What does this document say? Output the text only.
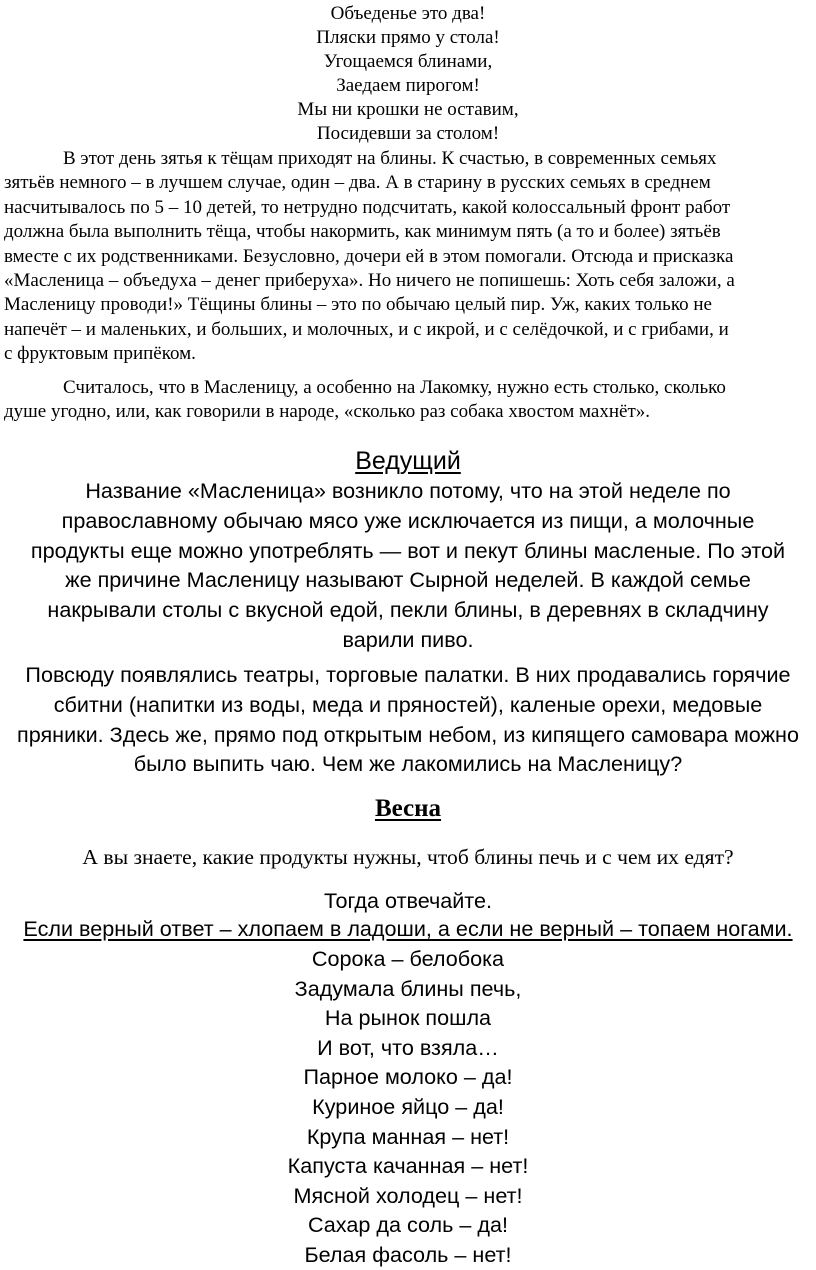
Объеденье это два!
Пляски прямо у стола!
Угощаемся блинами,
Заедаем пирогом!
Мы ни крошки не оставим,
Посидевши за столом!
В этот день зятья к тёщам приходят на блины. К счастью, в современных семьях
зятьёв немного – в лучшем случае, один – два. А в старину в русских семьях в среднем
насчитывалось по 5 – 10 детей, то нетрудно подсчитать, какой колоссальный фронт работ
должна была выполнить тёща, чтобы накормить, как минимум пять (а то и более) зятьёв
вместе с их родственниками. Безусловно, дочери ей в этом помогали. Отсюда и присказка
«Масленица – объедуха – денег приберуха». Но ничего не попишешь: Хоть себя заложи, а
Масленицу проводи!» Тёщины блины – это по обычаю целый пир. Уж, каких только не
напечёт – и маленьких, и больших, и молочных, и с икрой, и с селёдочкой, и с грибами, и
с фруктовым припёком.
Считалось, что в Масленицу, а особенно на Лакомку, нужно есть столько, сколько
душе угодно, или, как говорили в народе, «сколько раз собака хвостом махнёт».
Ведущий
Название «Масленица» возникло потому, что на этой неделе по
православному обычаю мясо уже исключается из пищи, а молочные
продукты еще можно употреблять — вот и пекут блины масленые. По этой
же причине Масленицу называют Сырной неделей. В каждой семье
накрывали столы с вкусной едой, пекли блины, в деревнях в складчину
варили пиво.
Повсюду появлялись театры, торговые палатки. В них продавались горячие
сбитни (напитки из воды, меда и пряностей), каленые орехи, медовые
пряники. Здесь же, прямо под открытым небом, из кипящего самовара можно
было выпить чаю. Чем же лакомились на Масленицу?
Весна
А вы знаете, какие продукты нужны, чтоб блины печь и с чем их едят?
Тогда отвечайте.
Если верный ответ – хлопаем в ладоши, а если не верный – топаем ногами.
Сорока – белобока
Задумала блины печь,
На рынок пошла
И вот, что взяла…
Парное молоко – да!
Куриное яйцо – да!
Крупа манная – нет!
Капуста качанная – нет!
Мясной холодец – нет!
Сахар да соль – да!
Белая фасоль – нет!
